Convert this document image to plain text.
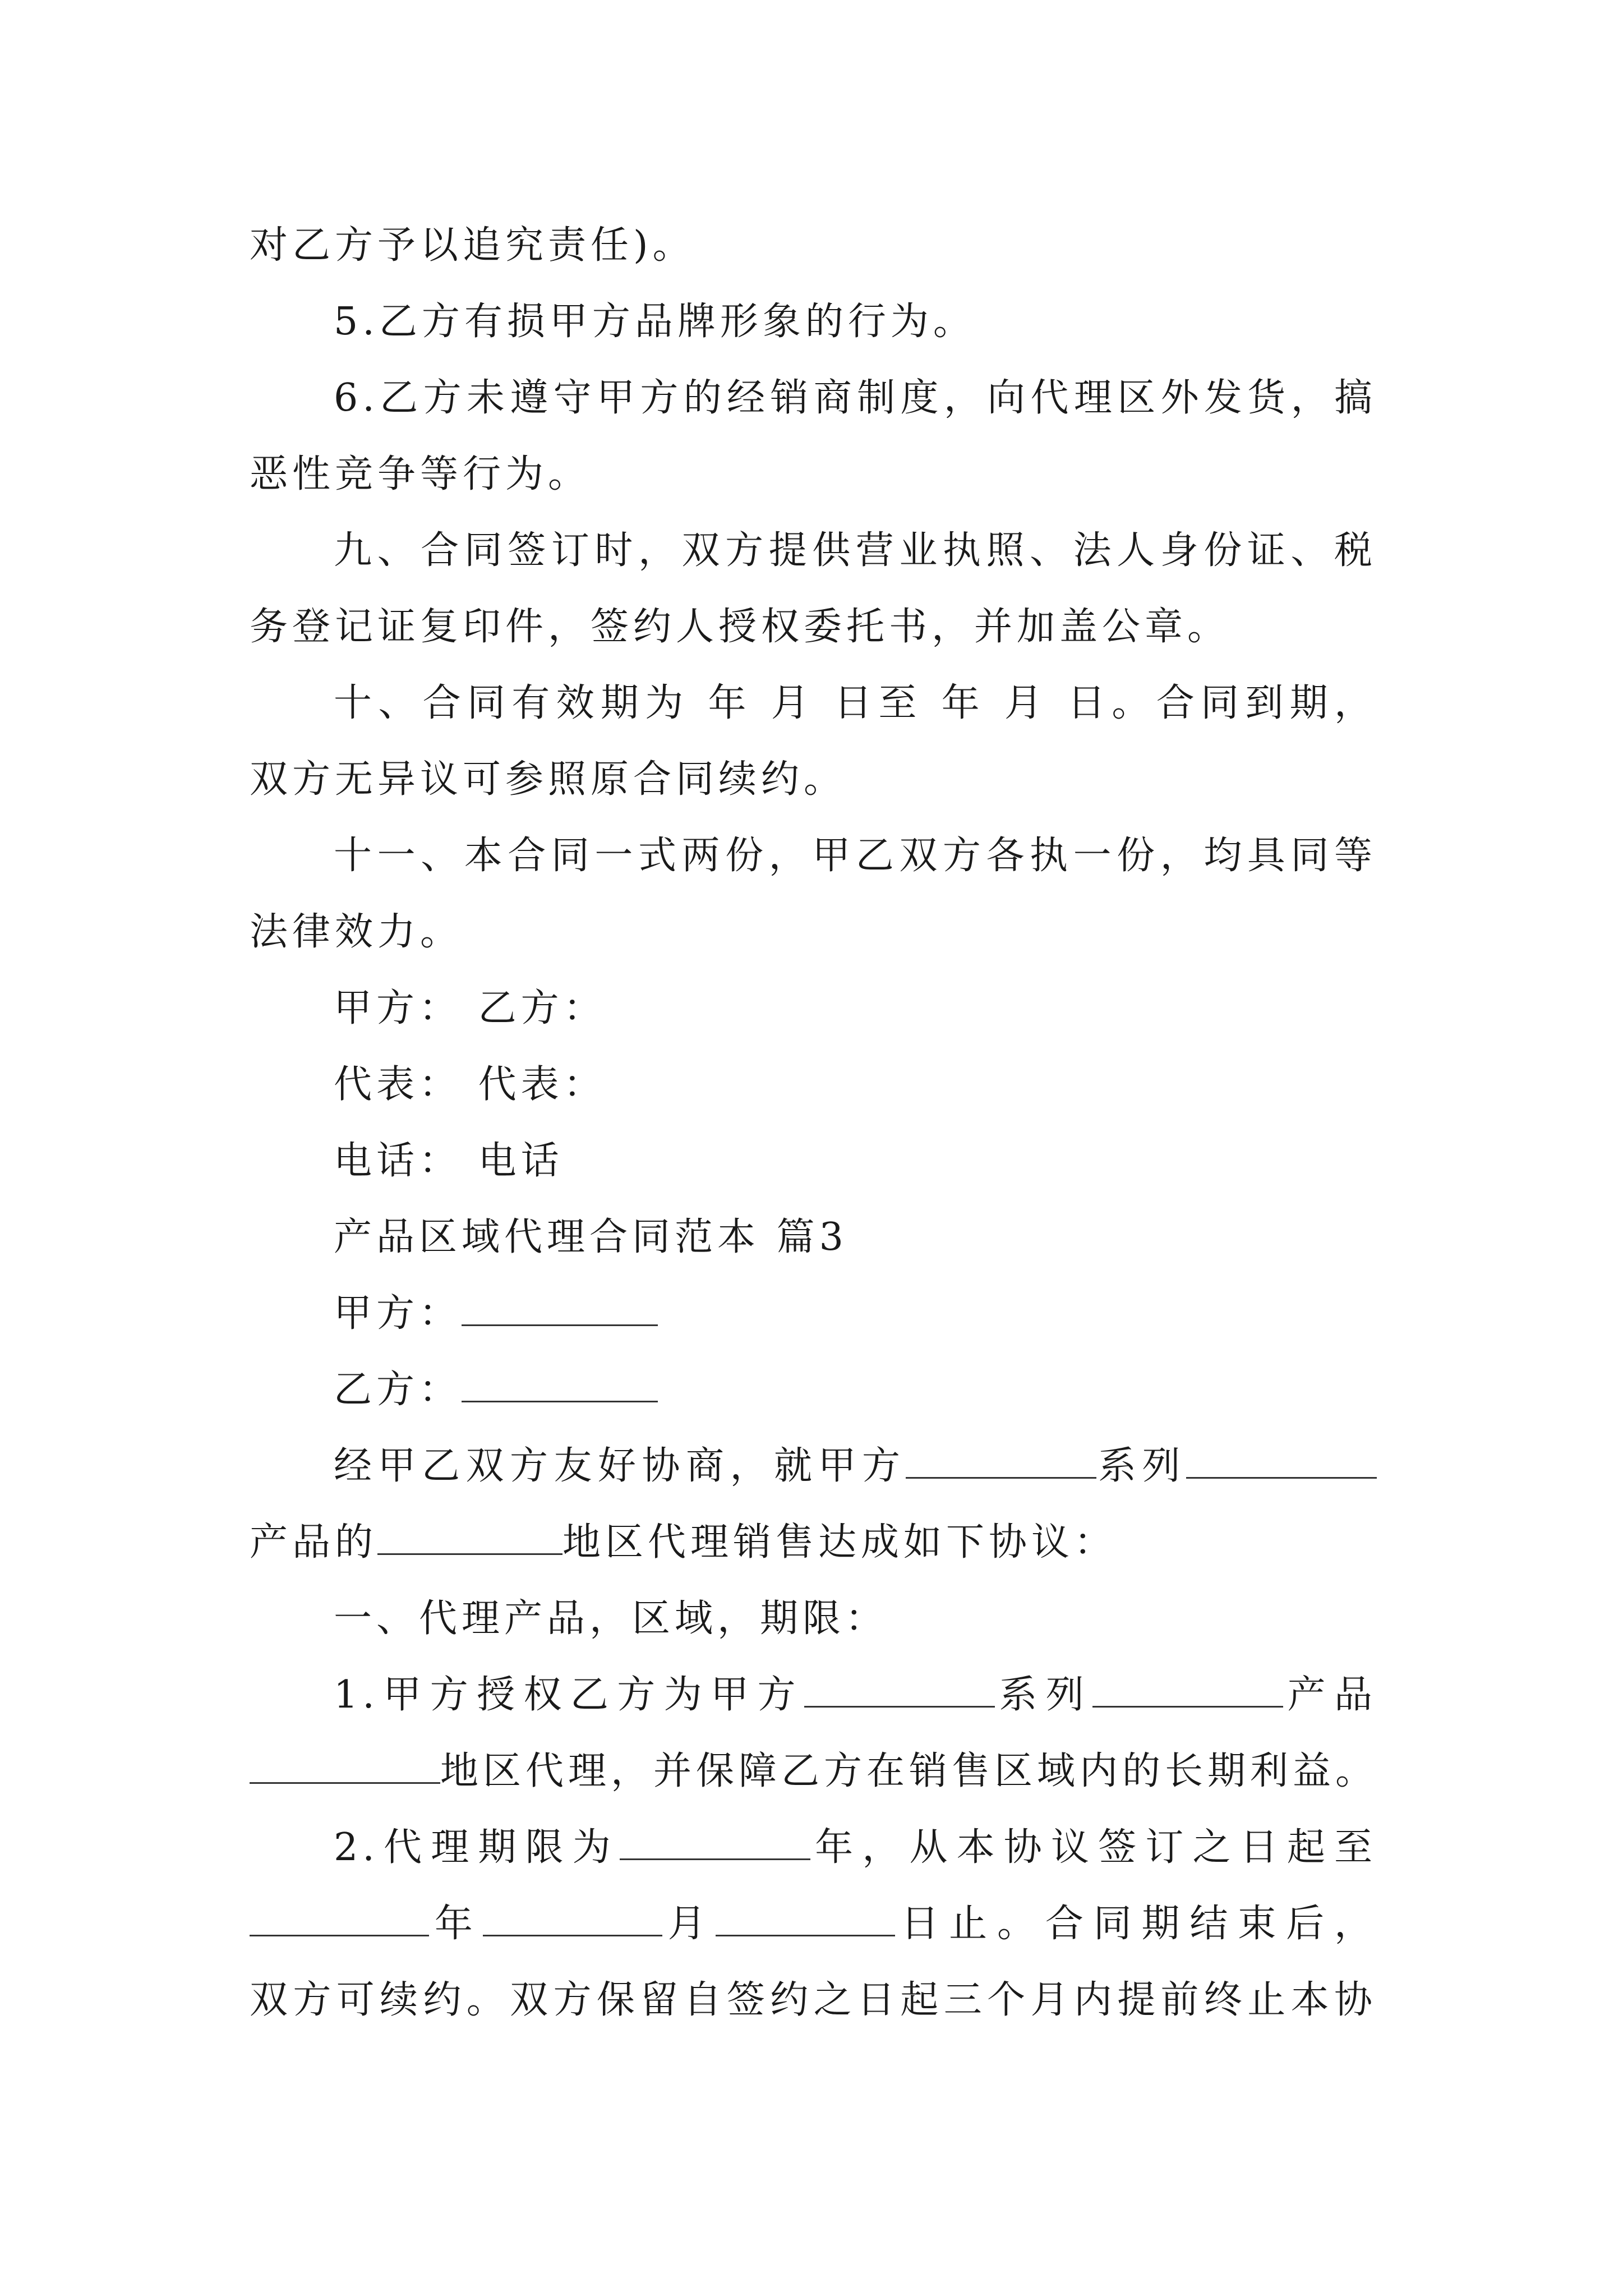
对乙方予以追究责任)。
5.乙方有损甲方品牌形象的行为。
6.乙方未遵守甲方的经销商制度，向代理区外发货，搞
恶性竞争等行为。
九、合同签订时，双方提供营业执照、法人身份证、税
务登记证复印件，签约人授权委托书，并加盖公章。
十、合同有效期为 年 月 日至 年 月 日。合同到期，
双方无异议可参照原合同续约。
十一、本合同一式两份，甲乙双方各执一份，均具同等
法律效力。
甲方： 乙方：
代表： 代表：
电话： 电话
产品区域代理合同范本 篇3
甲方：
乙方：
经甲乙双方友好协商，就甲方	系列
产品的	地区代理销售达成如下协议：
一、代理产品，区域，期限：
1.甲方授权乙方为甲方	系列	产品
地区代理，并保障乙方在销售区域内的长期利益。
2.代理期限为	年，从本协议签订之日起至
年	月	日止。合同期结束后，
双方可续约。双方保留自签约之日起三个月内提前终止本协
